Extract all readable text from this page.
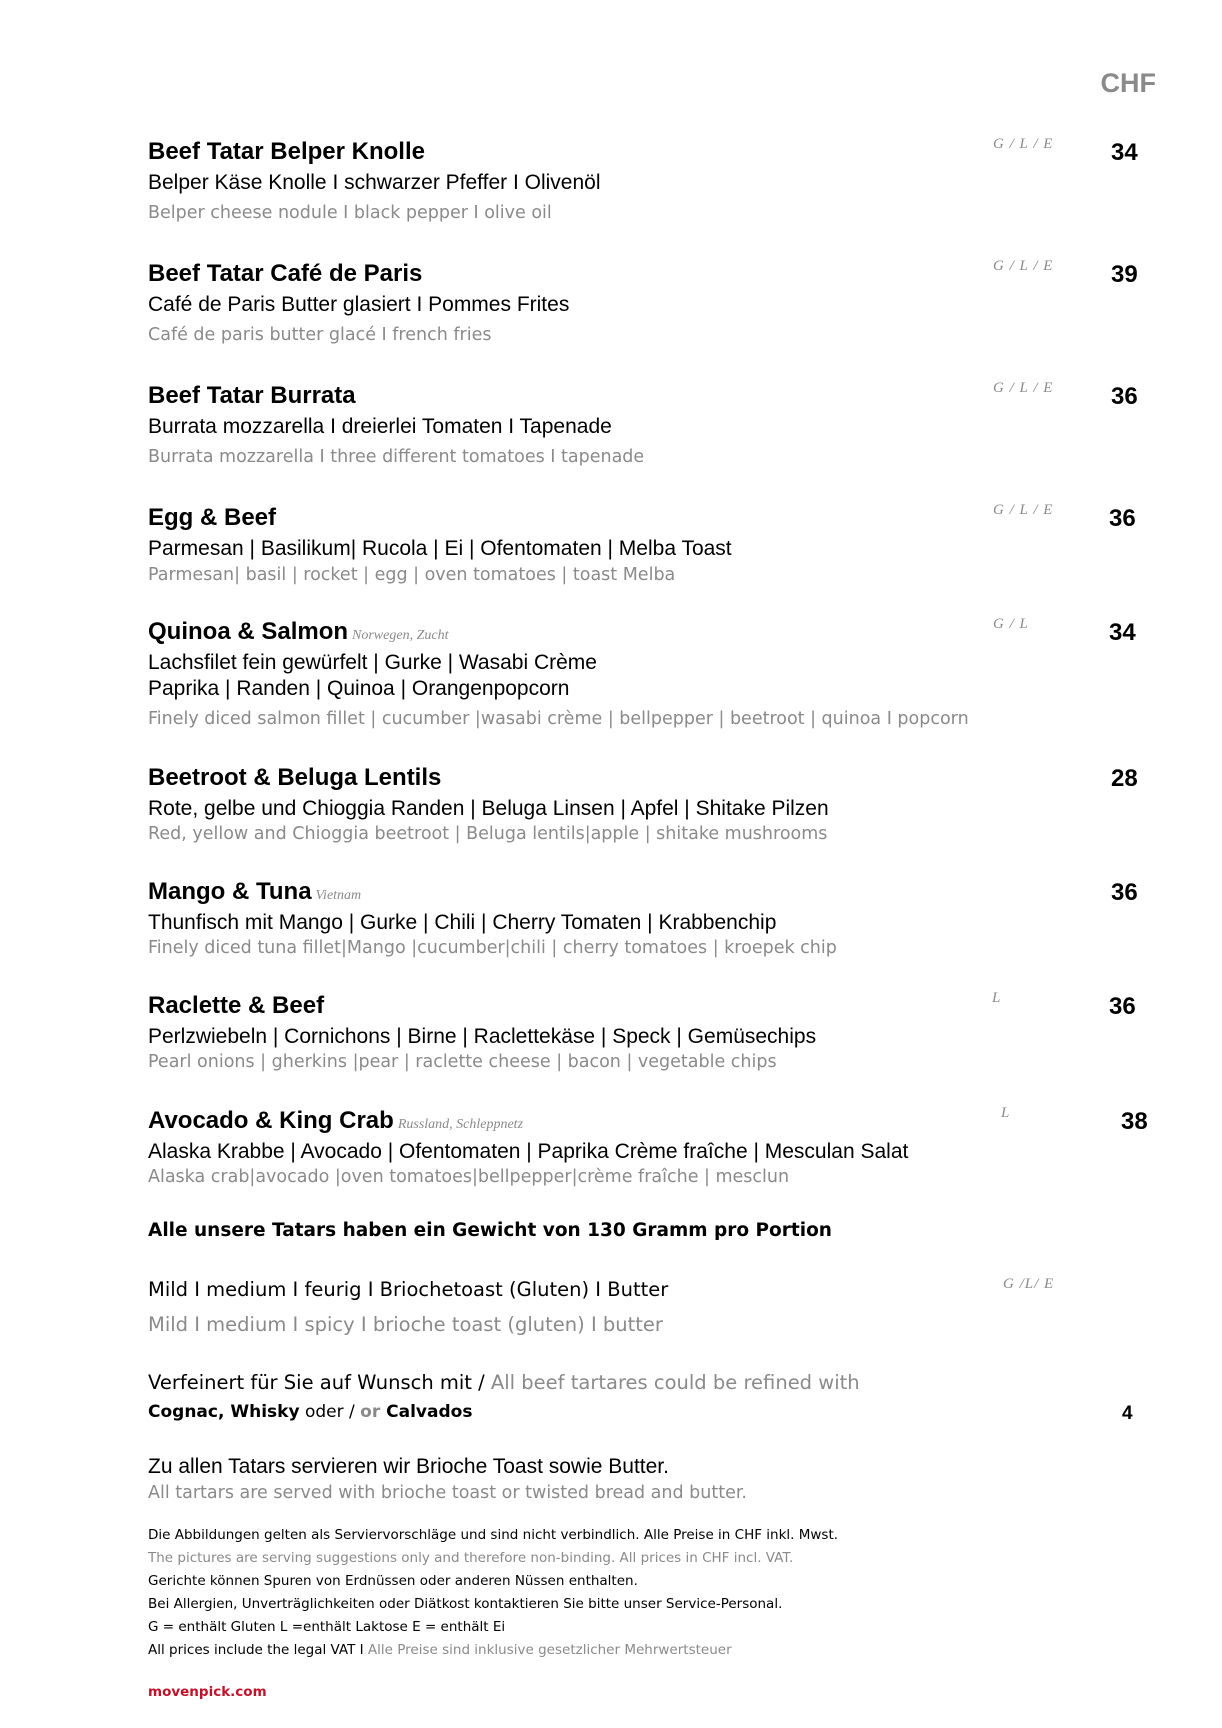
CHF
Beef Tatar Belper Knolle
Belper Käse Knolle I schwarzer Pfeffer I Olivenöl
Belper cheese nodule I black pepper I olive oil
G / L / E 34
Beef Tatar Café de Paris
Café de Paris Butter glasiert I Pommes Frites
Café de paris butter glacé I french fries
G / L / E 39
Beef Tatar Burrata
Burrata mozzarella I dreierlei Tomaten I Tapenade
Burrata mozzarella I three different tomatoes I tapenade
G / L / E 36
Egg & Beef
Parmesan | Basilikum| Rucola | Ei | Ofentomaten | Melba Toast
Parmesan| basil | rocket | egg | oven tomatoes | toast Melba
G / L / E 36
Quinoa & Salmon Norwegen, Zucht
Lachsfilet fein gewürfelt | Gurke | Wasabi Crème
Paprika | Randen | Quinoa | Orangenpopcorn
Finely diced salmon fillet | cucumber |wasabi crème | bellpepper | beetroot | quinoa I popcorn
G / L	34
Beetroot & Beluga Lentils
Rote, gelbe und Chioggia Randen | Beluga Linsen | Apfel | Shitake Pilzen
Red, yellow and Chioggia beetroot | Beluga lentils|apple | shitake mushrooms
28
Mango & Tuna Vietnam
Thunfisch mit Mango | Gurke | Chili | Cherry Tomaten | Krabbenchip
Finely diced tuna fillet|Mango |cucumber|chili | cherry tomatoes | kroepek chip
36
Raclette & Beef
Perlzwiebeln | Cornichons | Birne | Raclettekäse | Speck | Gemüsechips
Pearl onions | gherkins |pear | raclette cheese | bacon | vegetable chips
L	36
Avocado & King Crab Russland, Schleppnetz
Alaska Krabbe | Avocado | Ofentomaten | Paprika Crème fraîche | Mesculan Salat
Alaska crab|avocado |oven tomatoes|bellpepper|crème fraîche | mesclun
L	38
Alle unsere Tatars haben ein Gewicht von 130 Gramm pro Portion
Mild I medium I feurig I Briochetoast (Gluten) I Butter
Mild I medium I spicy I brioche toast (gluten) I butter
G /L/ E
Verfeinert für Sie auf Wunsch mit / All beef tartares could be refined with
Cognac, Whisky oder / or Calvados	4
Zu allen Tatars servieren wir Brioche Toast sowie Butter.
All tartars are served with brioche toast or twisted bread and butter.
Die Abbildungen gelten als Serviervorschläge und sind nicht verbindlich. Alle Preise in CHF inkl. Mwst.
The pictures are serving suggestions only and therefore non-binding. All prices in CHF incl. VAT.
Gerichte können Spuren von Erdnüssen oder anderen Nüssen enthalten.
Bei Allergien, Unverträglichkeiten oder Diätkost kontaktieren Sie bitte unser Service-Personal.
G = enthält Gluten L =enthält Laktose E = enthält Ei
All prices include the legal VAT I Alle Preise sind inklusive gesetzlicher Mehrwertsteuer
movenpick.com
